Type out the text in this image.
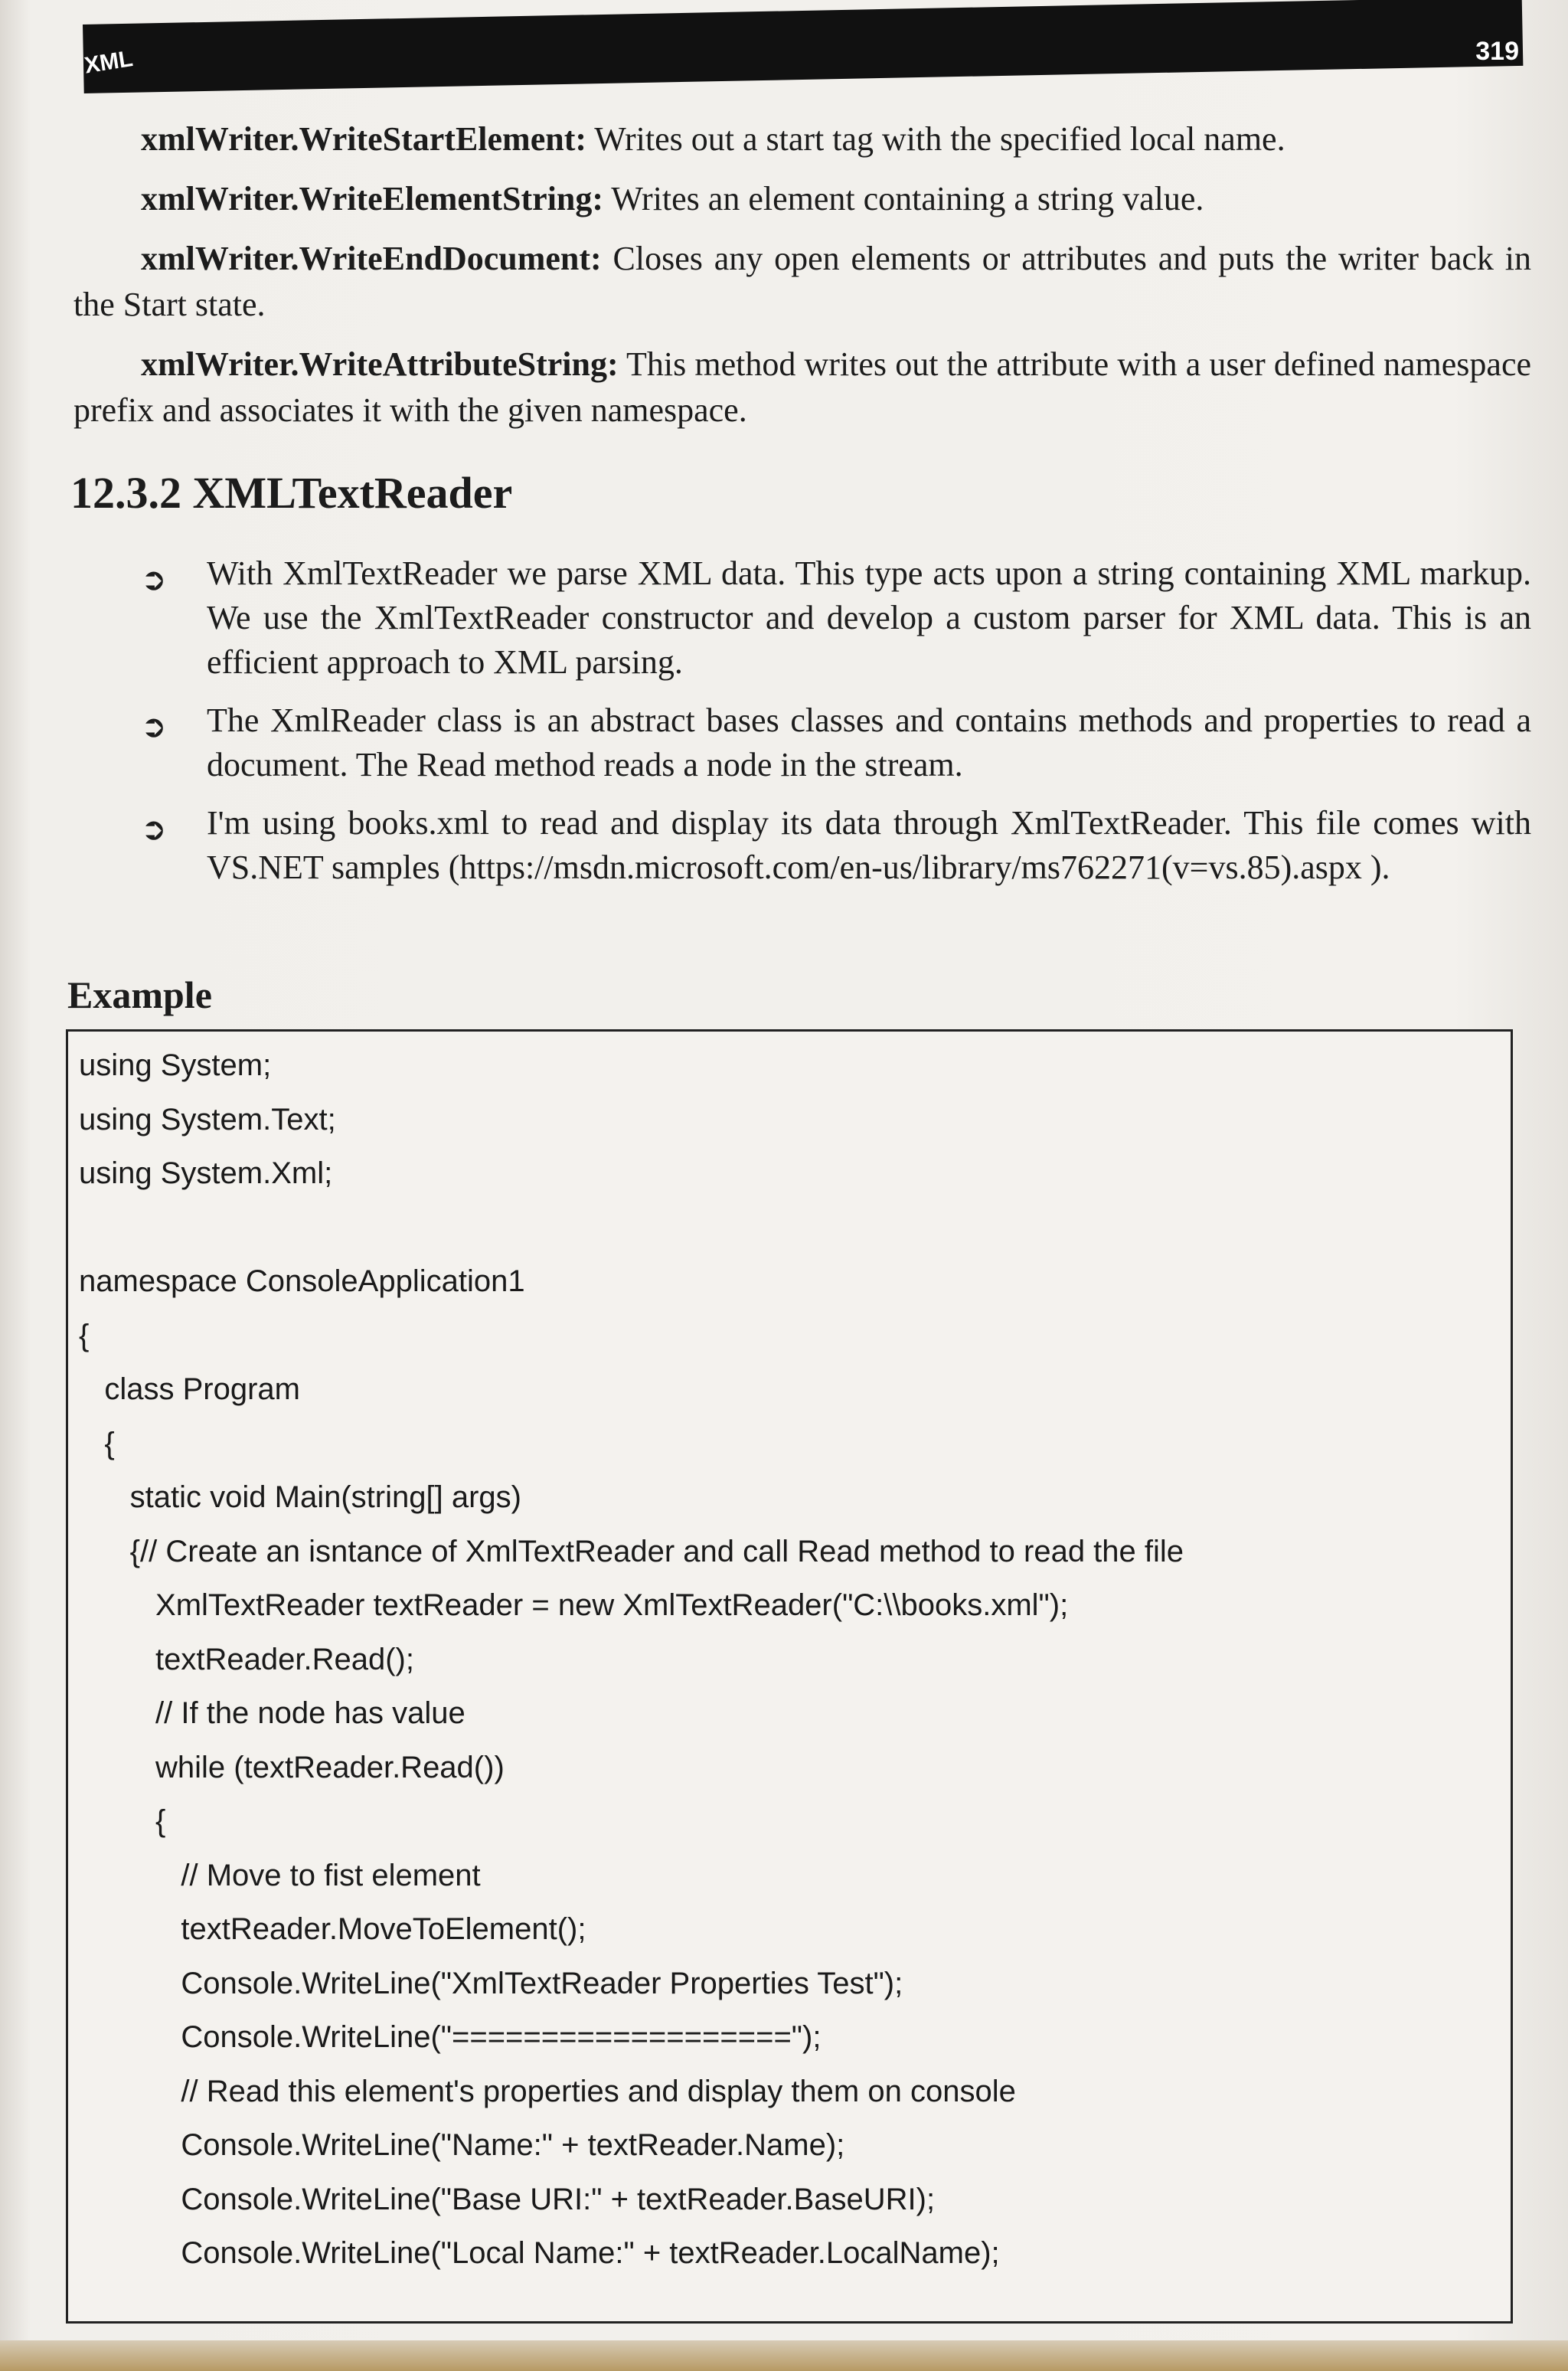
XML	319
xmlWriter.WriteStartElement: Writes out a start tag with the specified local name.
xmlWriter.WriteElementString: Writes an element containing a string value.
xmlWriter.WriteEndDocument: Closes any open elements or attributes and puts the writer back in the Start state.
xmlWriter.WriteAttributeString: This method writes out the attribute with a user defined namespace prefix and associates it with the given namespace.
12.3.2 XMLTextReader
➲ With XmlTextReader we parse XML data. This type acts upon a string containing XML markup. We use the XmlTextReader constructor and develop a custom parser for XML data. This is an efficient approach to XML parsing.
➲ The XmlReader class is an abstract bases classes and contains methods and properties to read a document. The Read method reads a node in the stream.
➲ I'm using books.xml to read and display its data through XmlTextReader. This file comes with VS.NET samples (https://msdn.microsoft.com/en-us/library/ms762271(v=vs.85).aspx ).
Example
using System;
using System.Text;
using System.Xml;
namespace ConsoleApplication1
{
class Program
{
static void Main(string[] args)
{// Create an isntance of XmlTextReader and call Read method to read the file
XmlTextReader textReader = new XmlTextReader("C:\\books.xml");
textReader.Read();
// If the node has value
while (textReader.Read())
{
// Move to fist element
textReader.MoveToElement();
Console.WriteLine("XmlTextReader Properties Test");
Console.WriteLine("===================");
// Read this element's properties and display them on console
Console.WriteLine("Name:" + textReader.Name);
Console.WriteLine("Base URI:" + textReader.BaseURI);
Console.WriteLine("Local Name:" + textReader.LocalName);
